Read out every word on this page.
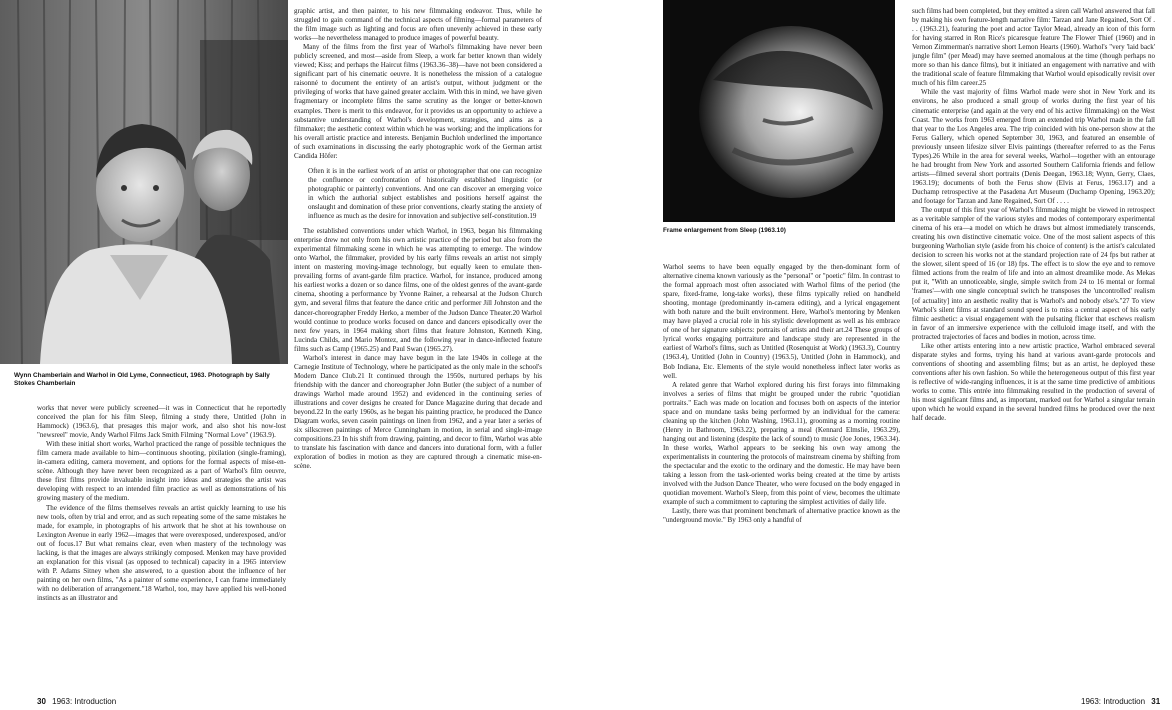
Wynn Chamberlain and Warhol in Old Lyme, Connecticut, 1963. Photograph by Sally Stokes Chamberlain

works that never were publicly screened—it was in Connecticut that he reportedly conceived the plan for his film Sleep, filming a study there, Untitled (John in Hammock) (1963.6), that presages this major work, and also shot his now-lost "newsreel" movie, Andy Warhol Films Jack Smith Filming "Normal Love" (1963.9).

With these initial short works, Warhol practiced the range of possible techniques the film camera made available to him—continuous shooting, pixilation (single-framing), in-camera editing, camera movement, and options for the formal aspects of mise-en-scène. Although they have never been recognized as a part of Warhol's film oeuvre, these first films provide invaluable insight into ideas and strategies the artist was developing with respect to an intended film practice as well as demonstrations of his growing mastery of the medium.

The evidence of the films themselves reveals an artist quickly learning to use his new tools, often by trial and error, and as such repeating some of the same mistakes he made, for example, in photographs of his artwork that he shot at his townhouse on Lexington Avenue in early 1962—images that were overexposed, underexposed, and/or out of focus.17 But what remains clear, even when mastery of the technology was lacking, is that the images are always strikingly composed. Menken may have provided an explanation for this visual (as opposed to technical) capacity in a 1965 interview with P. Adams Sitney when she answered, to a question about the influence of her painting on her own films, "As a painter of some experience, I can frame immediately with no deliberation of arrangement."18 Warhol, too, may have applied his well-honed instincts as an illustrator and

graphic artist, and then painter, to his new filmmaking endeavor. Thus, while he struggled to gain command of the technical aspects of filming—formal parameters of the film image such as lighting and focus are often unevenly achieved in these early works—he nevertheless managed to produce images of powerful beauty.

Many of the films from the first year of Warhol's filmmaking have never been publicly screened, and most—aside from Sleep, a work far better known than widely viewed; Kiss; and perhaps the Haircut films (1963.36–38)—have not been considered a significant part of his cinematic oeuvre. It is nonetheless the mission of a catalogue raisonné to document the entirety of an artist's output, without judgment or the privileging of works that have gained greater acclaim. With this in mind, we have given fragmentary or incomplete films the same scrutiny as the longer or better-known examples. There is merit to this endeavor, for it provides us an opportunity to achieve a substantive understanding of Warhol's development, strategies, and aims as a filmmaker; the aesthetic context within which he was working; and the implications for his overall artistic practice and interests. Benjamin Buchloh underlined the importance of such examinations in discussing the early photographic work of the German artist Candida Höfer:

Often it is in the earliest work of an artist or photographer that one can recognize the confluence or confrontation of historically established linguistic (or photographic or painterly) conventions. And one can discover an emerging voice in which the authorial subject establishes and positions herself against the onslaught and domination of these prior conventions, clearly stating the anxiety of influence as much as the desire for innovation and subjective self-constitution.19

The established conventions under which Warhol, in 1963, began his filmmaking enterprise drew not only from his own artistic practice of the period but also from the experimental filmmaking scene in which he was attempting to emerge. The window onto Warhol, the filmmaker, provided by his early films reveals an artist not simply intent on mastering moving-image technology, but equally keen to emulate then-prevailing forms of avant-garde film practice. Warhol, for instance, produced among his earliest works a dozen or so dance films, one of the oldest genres of the avant-garde cinema, shooting a performance by Yvonne Rainer, a rehearsal at the Judson Church gym, and several films that feature the dance critic and performer Jill Johnston and the dancer-choreographer Freddy Herko, a member of the Judson Dance Theater.20 Warhol would continue to produce works focused on dance and dancers episodically over the next few years, in 1964 making short films that feature Johnston, Kenneth King, Lucinda Childs, and Mario Montez, and the following year in dance-inflected feature films such as Camp (1965.25) and Paul Swan (1965.27).

Warhol's interest in dance may have begun in the late 1940s in college at the Carnegie Institute of Technology, where he participated as the only male in the school's Modern Dance Club.21 It continued through the 1950s, nurtured perhaps by his friendship with the dancer and choreographer John Butler (the subject of a number of drawings Warhol made around 1952) and evidenced in the continuing series of illustrations and cover designs he created for Dance Magazine during that decade and beyond.22 In the early 1960s, as he began his painting practice, he produced the Dance Diagram works, seven casein paintings on linen from 1962, and a year later a series of six silkscreen paintings of Merce Cunningham in motion, in serial and single-image compositions.23 In his shift from drawing, painting, and decor to film, Warhol was able to translate his fascination with dance and dancers into durational form, with a fuller exploration of bodies in motion as they are captured through a cinematic mise-en-scène.

30 1963: Introduction
Frame enlargement from Sleep (1963.10)

Warhol seems to have been equally engaged by the then-dominant form of alternative cinema known variously as the "personal" or "poetic" film. In contrast to the formal approach most often associated with Warhol films of the period (the spare, fixed-frame, long-take works), these films typically relied on handheld shooting, montage (predominantly in-camera editing), and a lyrical engagement with both nature and the built environment. Here, Warhol's mentoring by Menken may have played a crucial role in his stylistic development as well as his embrace of one of her signature subjects: portraits of artists and their art.24 These groups of lyrical works engaging portraiture and landscape study are represented in the earliest of Warhol's films, such as Untitled (Rosenquist at Work) (1963.3), Country (1963.4), Untitled (John in Country) (1963.5), Untitled (John in Hammock), and Bob Indiana, Etc. Elements of the style would nonetheless inflect later works as well.

A related genre that Warhol explored during his first forays into filmmaking involves a series of films that might be grouped under the rubric "quotidian portraits." Each was made on location and focuses both on aspects of the interior space and on mundane tasks being performed by an individual for the camera: cleaning up the kitchen (John Washing, 1963.11), grooming as a morning routine (Henry in Bathroom, 1963.22), preparing a meal (Kennard Elmslie, 1963.29), hanging out and listening (despite the lack of sound) to music (Joe Jones, 1963.34). In these works, Warhol appears to be seeking his own way among the experimentalists in countering the protocols of mainstream cinema by shifting from the spectacular and the exotic to the ordinary and the domestic. He may have been taking a lesson from the task-oriented works being created at the time by artists involved with the Judson Dance Theater, who were focused on the body engaged in quotidian movement. Warhol's Sleep, from this point of view, becomes the ultimate example of such a commitment to capturing the simplest activities of daily life.

Lastly, there was that prominent benchmark of alternative practice known as the "underground movie." By 1963 only a handful of

such films had been completed, but they emitted a siren call Warhol answered that fall by making his own feature-length narrative film: Tarzan and Jane Regained, Sort Of . . . (1963.21), featuring the poet and actor Taylor Mead, already an icon of this form for having starred in Ron Rice's picaresque feature The Flower Thief (1960) and in Vernon Zimmerman's narrative short Lemon Hearts (1960). Warhol's "very 'laid back' jungle film" (per Mead) may have seemed anomalous at the time (though perhaps no more so than his dance films), but it initiated an engagement with narrative and with the traditional scale of feature filmmaking that Warhol would episodically revisit over much of his film career.25

While the vast majority of films Warhol made were shot in New York and its environs, he also produced a small group of works during the first year of his cinematic enterprise (and again at the very end of his active filmmaking) on the West Coast. The works from 1963 emerged from an extended trip Warhol made in the fall that year to the Los Angeles area. The trip coincided with his one-person show at the Ferus Gallery, which opened September 30, 1963, and featured an ensemble of previously unseen lifesize silver Elvis paintings (thereafter referred to as the Ferus Types).26 While in the area for several weeks, Warhol—together with an entourage he had brought from New York and assorted Southern California friends and fellow artists—filmed several short portraits (Denis Deegan, 1963.18; Wynn, Gerry, Claes, 1963.19); documents of both the Ferus show (Elvis at Ferus, 1963.17) and a Duchamp retrospective at the Pasadena Art Museum (Duchamp Opening, 1963.20); and footage for Tarzan and Jane Regained, Sort Of . . . .

The output of this first year of Warhol's filmmaking might be viewed in retrospect as a veritable sampler of the various styles and modes of contemporary experimental cinema of his era—a model on which he draws but almost immediately transcends, creating his own distinctive cinematic voice. One of the most salient aspects of this burgeoning Warholian style (aside from his choice of content) is the artist's calculated decision to screen his works not at the standard projection rate of 24 fps but rather at the slower, silent speed of 16 (or 18) fps. The effect is to slow the eye and to remove filmed actions from the realm of life and into an almost dreamlike mode. As Mekas put it, "With an unnoticeable, single, simple switch from 24 to 16 mental or formal 'frames'—with one single conceptual switch he transposes the 'uncontrolled' realism [of actuality] into an aesthetic reality that is Warhol's and nobody else's."27 To view Warhol's silent films at standard sound speed is to miss a central aspect of his early filmic aesthetic: a visual engagement with the pulsating flicker that eschews realism in favor of an immersive experience with the celluloid image itself, and with the protracted trajectories of faces and bodies in motion, across time.

Like other artists entering into a new artistic practice, Warhol embraced several disparate styles and forms, trying his hand at various avant-garde protocols and conventions of shooting and assembling films; but as an artist, he deployed these conventions after his own fashion. So while the heterogeneous output of this first year is reflective of wide-ranging influences, it is at the same time predictive of ambitious works to come. This entrée into filmmaking resulted in the production of several of his most significant films and, as important, marked out for Warhol a singular terrain upon which he would expand in the several hundred films he produced over the next half decade.

1963: Introduction 31
